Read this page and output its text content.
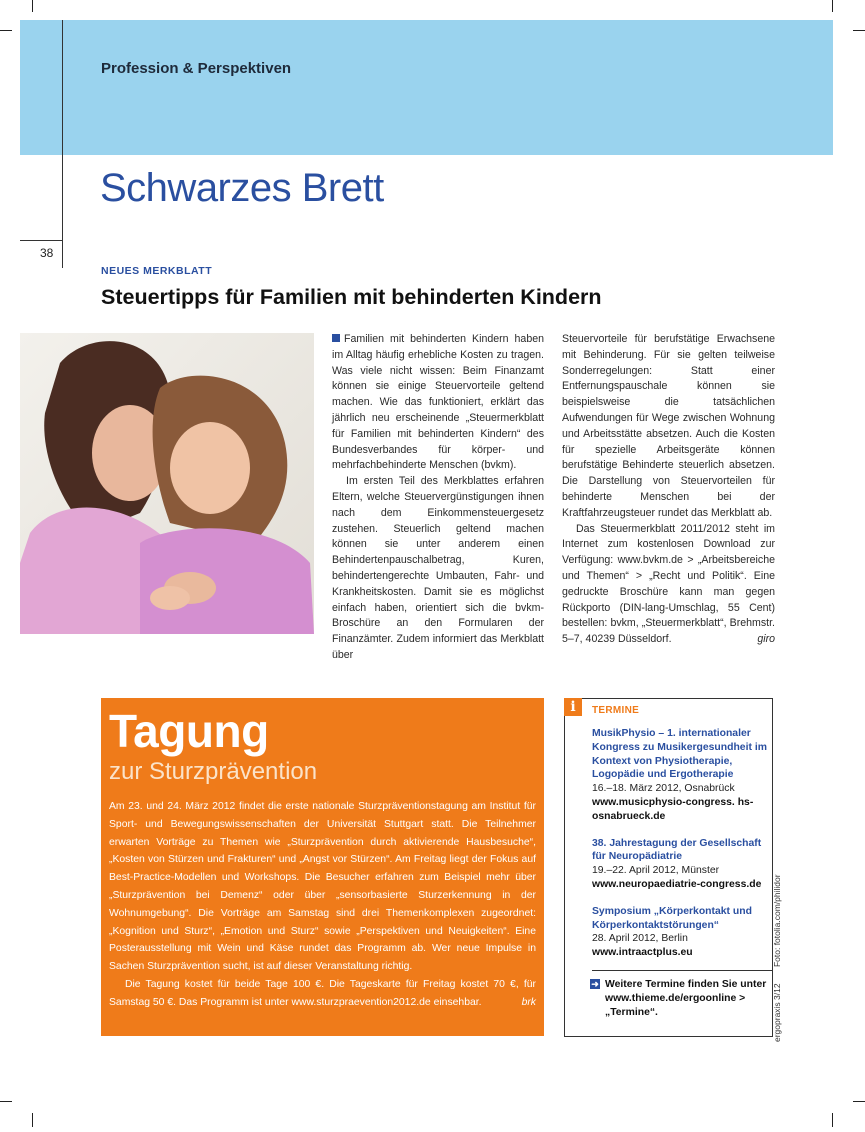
Profession & Perspektiven
Schwarzes Brett
38
NEUES MERKBLATT
Steuertipps für Familien mit behinderten Kindern

Familien mit behinderten Kindern haben im Alltag häufig erhebliche Kosten zu tragen. Was viele nicht wissen: Beim Finanzamt können sie einige Steuervorteile geltend machen. Wie das funktioniert, erklärt das jährlich neu erscheinende „Steuermerkblatt für Familien mit behinderten Kindern“ des Bundesverbandes für körper- und mehrfachbehinderte Menschen (bvkm).

Im ersten Teil des Merkblattes erfahren Eltern, welche Steuervergünstigungen ihnen nach dem Einkommensteuergesetz zustehen. Steuerlich geltend machen können sie unter anderem einen Behindertenpauschalbetrag, Kuren, behindertengerechte Umbauten, Fahr- und Krankheitskosten. Damit sie es möglichst einfach haben, orientiert sich die bvkm-Broschüre an den Formularen der Finanzämter. Zudem informiert das Merkblatt über

Steuervorteile für berufstätige Erwachsene mit Behinderung. Für sie gelten teilweise Sonderregelungen: Statt einer Entfernungspauschale können sie beispielsweise die tatsächlichen Aufwendungen für Wege zwischen Wohnung und Arbeitsstätte absetzen. Auch die Kosten für spezielle Arbeitsgeräte können berufstätige Behinderte steuerlich absetzen. Die Darstellung von Steuervorteilen für behinderte Menschen bei der Kraftfahrzeugsteuer rundet das Merkblatt ab.

Das Steuermerkblatt 2011/2012 steht im Internet zum kostenlosen Download zur Verfügung: www.bvkm.de > „Arbeitsbereiche und Themen“ > „Recht und Politik“. Eine gedruckte Broschüre kann man gegen Rückporto (DIN-lang-Umschlag, 55 Cent) bestellen: bvkm, „Steuermerkblatt“, Brehmstr. 5–7, 40239 Düsseldorf.	giro

Tagung
zur Sturzprävention

Am 23. und 24. März 2012 findet die erste nationale Sturzpräventionstagung am Institut für Sport- und Bewegungswissenschaften der Universität Stuttgart statt. Die Teilnehmer erwarten Vorträge zu Themen wie „Sturzprävention durch aktivierende Hausbesuche“, „Kosten von Stürzen und Frakturen“ und „Angst vor Stürzen“. Am Freitag liegt der Fokus auf Best-Practice-Modellen und Workshops. Die Besucher erfahren zum Beispiel mehr über „Sturzprävention bei Demenz“ oder über „sensorbasierte Sturzerkennung in der Wohnumgebung“. Die Vorträge am Samstag sind drei Themenkomplexen zugeordnet: „Kognition und Sturz“, „Emotion und Sturz“ sowie „Perspektiven und Neuigkeiten“. Eine Posterausstellung mit Wein und Käse rundet das Programm ab. Wer neue Impulse in Sachen Sturzprävention sucht, ist auf dieser Veranstaltung richtig.

Die Tagung kostet für beide Tage 100 €. Die Tageskarte für Freitag kostet 70 €, für Samstag 50 €. Das Programm ist unter www.sturzpraevention2012.de einsehbar.	brk

i	TERMINE
MusikPhysio – 1. internationaler Kongress zu Musikergesundheit im Kontext von Physiotherapie, Logopädie und Ergotherapie
16.–18. März 2012, Osnabrück
www.musicphysio-congress. hs-osnabrueck.de
38. Jahrestagung der Gesellschaft für Neuropädiatrie
19.–22. April 2012, Münster
www.neuropaediatrie-congress.de
Symposium „Körperkontakt und Körperkontaktstörungen“
28. April 2012, Berlin
www.intraactplus.eu
➜ Weitere Termine finden Sie unter www.thieme.de/ergoonline > „Termine“.	ergopraxis 3/12 Foto: fotolia.com/philidor
